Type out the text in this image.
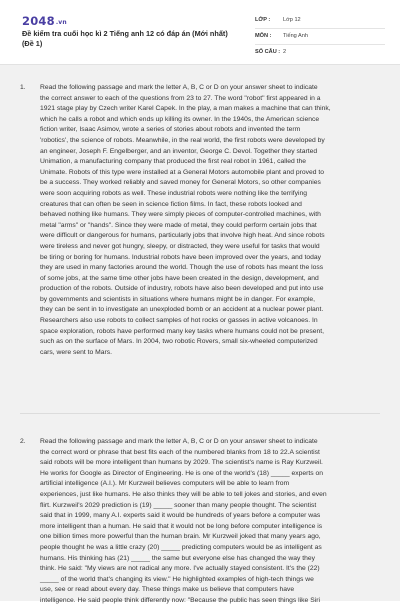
2048.vn
Đề kiểm tra cuối học kì 2 Tiếng anh 12 có đáp án (Mới nhất) (Đề 1)
LỚP : Lớp 12
MÔN : Tiếng Anh
SỐ CÂU : 2
1. Read the following passage and mark the letter A, B, C or D on your answer sheet to indicate
the correct answer to each of the questions from 23 to 27. The word "robot" first appeared in a
1921 stage play by Czech writer Karel Capek. In the play, a man makes a machine that can think,
which he calls a robot and which ends up killing its owner. In the 1940s, the American science
fiction writer, Isaac Asimov, wrote a series of stories about robots and invented the term
'robotics', the science of robots. Meanwhile, in the real world, the first robots were developed by
an engineer, Joseph F. Engelberger, and an inventor, George C. Devol. Together they started
Unimation, a manufacturing company that produced the first real robot in 1961, called the
Unimate. Robots of this type were installed at a General Motors automobile plant and proved to
be a success. They worked reliably and saved money for General Motors, so other companies
were soon acquiring robots as well. These industrial robots were nothing like the terrifying
creatures that can often be seen in science fiction films. In fact, these robots looked and
behaved nothing like humans. They were simply pieces of computer-controlled machines, with
metal "arms" or "hands". Since they were made of metal, they could perform certain jobs that
were difficult or dangerous for humans, particularly jobs that involve high heat. And since robots
were tireless and never got hungry, sleepy, or distracted, they were useful for tasks that would
be tiring or boring for humans. Industrial robots have been improved over the years, and today
they are used in many factories around the world. Though the use of robots has meant the loss
of some jobs, at the same time other jobs have been created in the design, development, and
production of the robots. Outside of industry, robots have also been developed and put into use
by governments and scientists in situations where humans might be in danger. For example,
they can be sent in to investigate an unexploded bomb or an accident at a nuclear power plant.
Researchers also use robots to collect samples of hot rocks or gasses in active volcanoes. In
space exploration, robots have performed many key tasks where humans could not be present,
such as on the surface of Mars. In 2004, two robotic Rovers, small six-wheeled computerized
cars, were sent to Mars.
2. Read the following passage and mark the letter A, B, C or D on your answer sheet to indicate
the correct word or phrase that best fits each of the numbered blanks from 18 to 22.A scientist
said robots will be more intelligent than humans by 2029. The scientist's name is Ray Kurzweil.
He works for Google as Director of Engineering. He is one of the world's (18) _____ experts on
artificial intelligence (A.I.). Mr Kurzweil believes computers will be able to learn from
experiences, just like humans. He also thinks they will be able to tell jokes and stories, and even
flirt. Kurzweil's 2029 prediction is (19) _____ sooner than many people thought. The scientist
said that in 1999, many A.I. experts said it would be hundreds of years before a computer was
more intelligent than a human. He said that it would not be long before computer intelligence is
one billion times more powerful than the human brain. Mr Kurzweil joked that many years ago,
people thought he was a little crazy (20) _____ predicting computers would be as intelligent as
humans. His thinking has (21) _____ the same but everyone else has changed the way they
think. He said: "My views are not radical any more. I've actually stayed consistent. It's the (22)
_____ of the world that's changing its view." He highlighted examples of high-tech things we
use, see or read about every day. These things make us believe that computers have
intelligence. He said people think differently now: "Because the public has seen things like Siri
